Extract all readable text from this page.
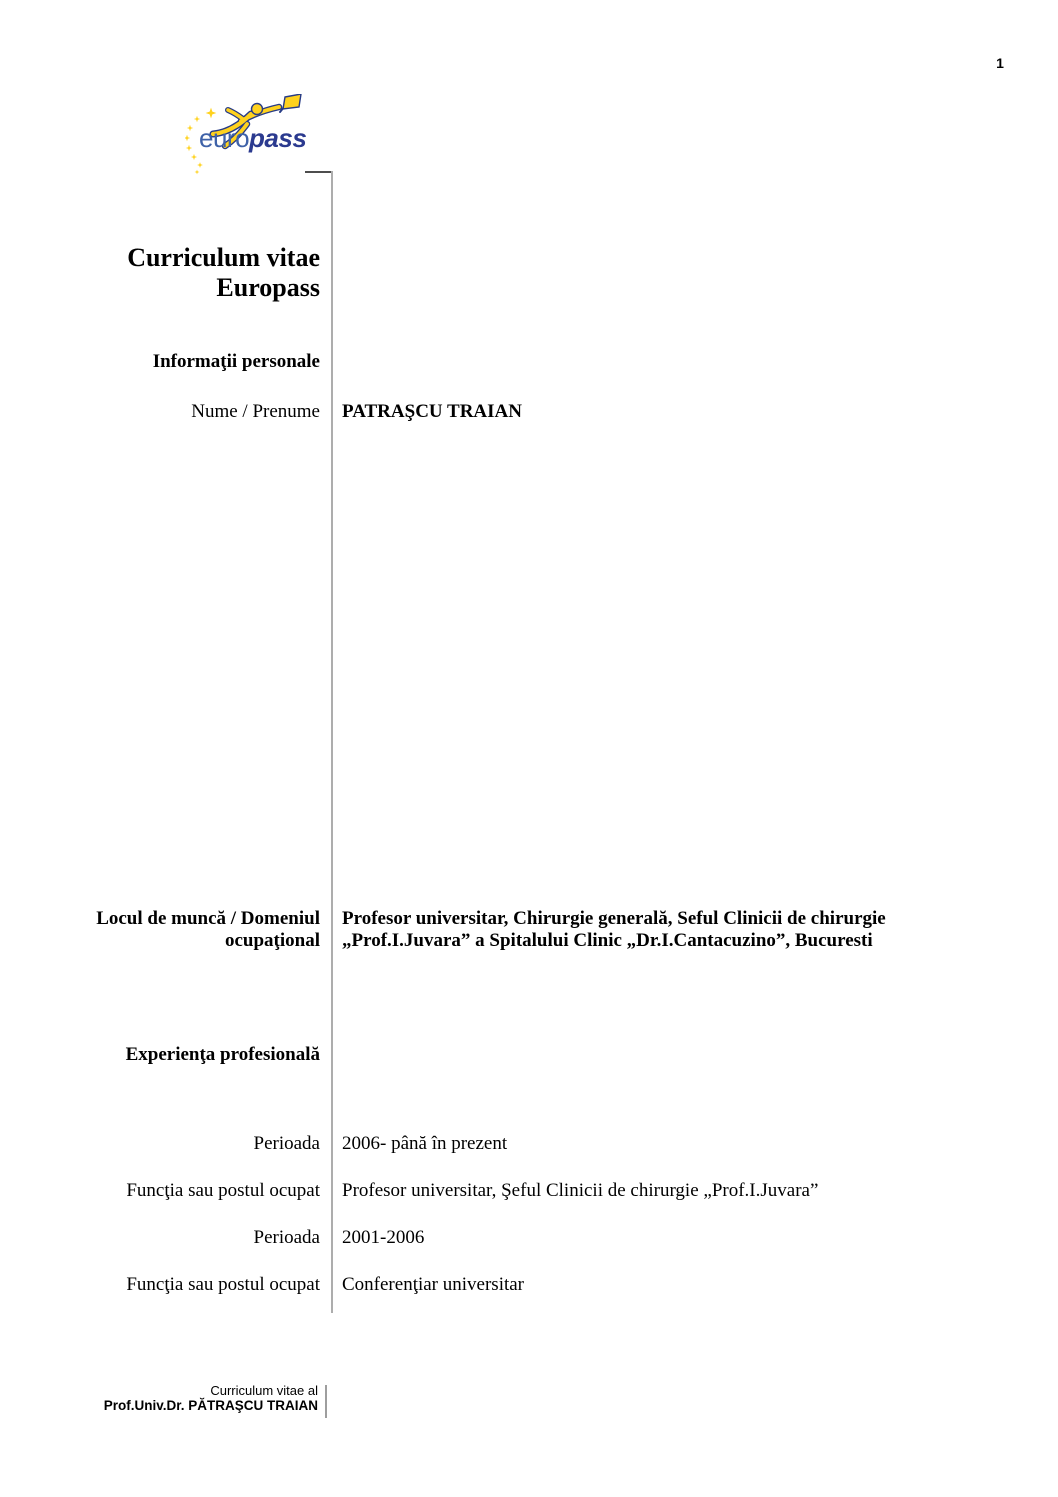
1
europass
Curriculum vitae
Europass
Informaţii personale
Nume / Prenume PATRAŞCU TRAIAN
Locul de muncă / Domeniul
ocupaţional
Profesor universitar, Chirurgie generală, Seful Clinicii de chirurgie
„Prof.I.Juvara” a Spitalului Clinic „Dr.I.Cantacuzino”, Bucuresti
Experienţa profesională
Perioada 2006- până în prezent
Funcţia sau postul ocupat Profesor universitar, Şeful Clinicii de chirurgie „Prof.I.Juvara”
Perioada 2001-2006
Funcţia sau postul ocupat Conferenţiar universitar
Curriculum vitae al
Prof.Univ.Dr. PĂTRAŞCU TRAIAN
